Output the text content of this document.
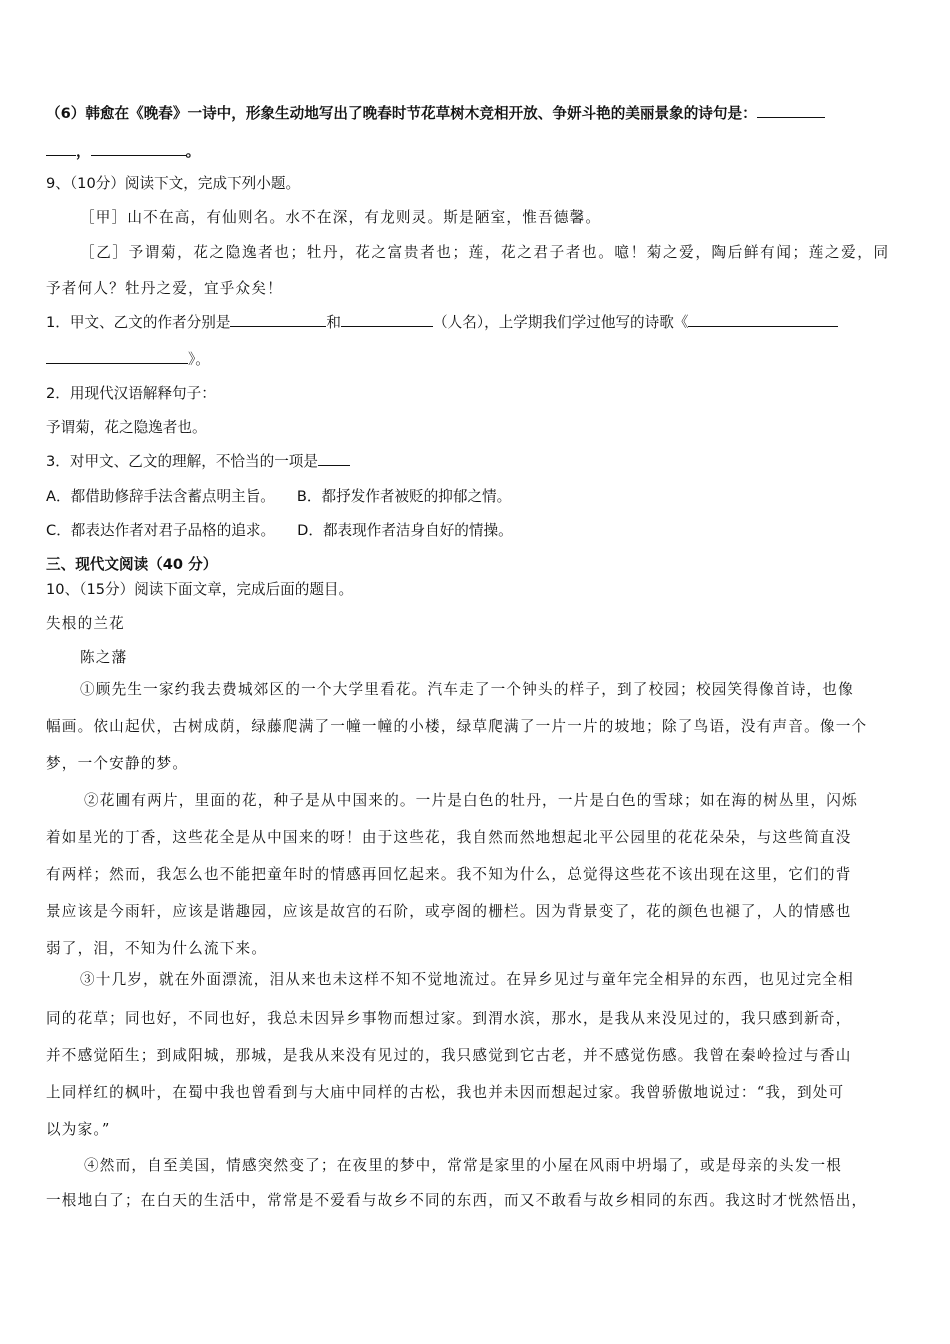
（6）韩愈在《晚春》一诗中，形象生动地写出了晚春时节花草树木竞相开放、争妍斗艳的美丽景象的诗句是：
，	。
9、（10分）阅读下文，完成下列小题。
［甲］山不在高，有仙则名。水不在深，有龙则灵。斯是陋室，惟吾德馨。
［乙］予谓菊，花之隐逸者也；牡丹，花之富贵者也；莲，花之君子者也。噫！菊之爱，陶后鲜有闻；莲之爱，同
予者何人？牡丹之爱，宜乎众矣！
1．甲文、乙文的作者分别是	和	（人名），上学期我们学过他写的诗歌《
》。
2．用现代汉语解释句子：
予谓菊，花之隐逸者也。
3．对甲文、乙文的理解，不恰当的一项是
A．都借助修辞手法含蓄点明主旨。 B．都抒发作者被贬的抑郁之情。
C．都表达作者对君子品格的追求。 D．都表现作者洁身自好的情操。
三、现代文阅读（40 分）
10、（15分）阅读下面文章，完成后面的题目。
失根的兰花
陈之藩
①顾先生一家约我去费城郊区的一个大学里看花。汽车走了一个钟头的样子，到了校园；校园笑得像首诗，也像
幅画。依山起伏，古树成荫，绿藤爬满了一幢一幢的小楼，绿草爬满了一片一片的坡地；除了鸟语，没有声音。像一个
梦，一个安静的梦。
②花圃有两片，里面的花，种子是从中国来的。一片是白色的牡丹，一片是白色的雪球；如在海的树丛里，闪烁
着如星光的丁香，这些花全是从中国来的呀！由于这些花，我自然而然地想起北平公园里的花花朵朵，与这些简直没
有两样；然而，我怎么也不能把童年时的情感再回忆起来。我不知为什么，总觉得这些花不该出现在这里，它们的背
景应该是今雨轩，应该是谐趣园，应该是故宫的石阶，或亭阁的栅栏。因为背景变了，花的颜色也褪了，人的情感也
弱了，泪，不知为什么流下来。
③十几岁，就在外面漂流，泪从来也未这样不知不觉地流过。在异乡见过与童年完全相异的东西，也见过完全相
同的花草；同也好，不同也好，我总未因异乡事物而想过家。到渭水滨，那水，是我从来没见过的，我只感到新奇，
并不感觉陌生；到咸阳城，那城，是我从来没有见过的，我只感觉到它古老，并不感觉伤感。我曾在秦岭捡过与香山
上同样红的枫叶，在蜀中我也曾看到与大庙中同样的古松，我也并未因而想起过家。我曾骄傲地说过：“我，到处可
以为家。”
④然而，自至美国，情感突然变了；在夜里的梦中，常常是家里的小屋在风雨中坍塌了，或是母亲的头发一根
一根地白了；在白天的生活中，常常是不爱看与故乡不同的东西，而又不敢看与故乡相同的东西。我这时才恍然悟出，
